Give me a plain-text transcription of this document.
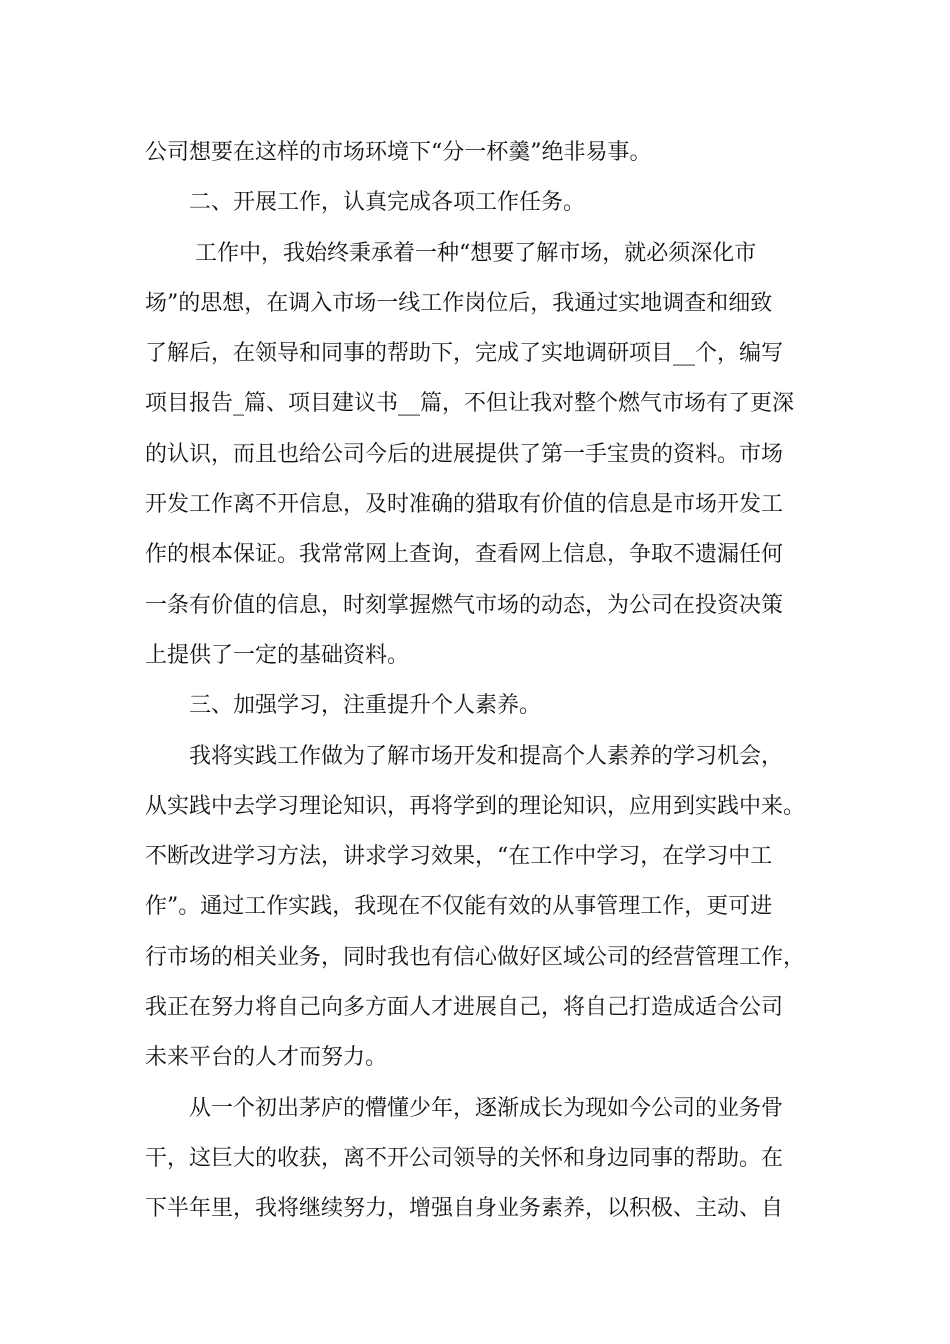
公司想要在这样的市场环境下“分一杯羹”绝非易事。
二、开展工作，认真完成各项工作任务。
工作中，我始终秉承着一种“想要了解市场，就必须深化市
场”的思想，在调入市场一线工作岗位后，我通过实地调查和细致
了解后，在领导和同事的帮助下，完成了实地调研项目__个，编写
项目报告_篇、项目建议书__篇，不但让我对整个燃气市场有了更深
的认识，而且也给公司今后的进展提供了第一手宝贵的资料。市场
开发工作离不开信息，及时准确的猎取有价值的信息是市场开发工
作的根本保证。我常常网上查询，查看网上信息，争取不遗漏任何
一条有价值的信息，时刻掌握燃气市场的动态，为公司在投资决策
上提供了一定的基础资料。
三、加强学习，注重提升个人素养。
我将实践工作做为了解市场开发和提高个人素养的学习机会，
从实践中去学习理论知识，再将学到的理论知识，应用到实践中来。
不断改进学习方法，讲求学习效果，“在工作中学习，在学习中工
作”。通过工作实践，我现在不仅能有效的从事管理工作，更可进
行市场的相关业务，同时我也有信心做好区域公司的经营管理工作，
我正在努力将自己向多方面人才进展自己，将自己打造成适合公司
未来平台的人才而努力。
从一个初出茅庐的懵懂少年，逐渐成长为现如今公司的业务骨
干，这巨大的收获，离不开公司领导的关怀和身边同事的帮助。在
下半年里，我将继续努力，增强自身业务素养，以积极、主动、自
